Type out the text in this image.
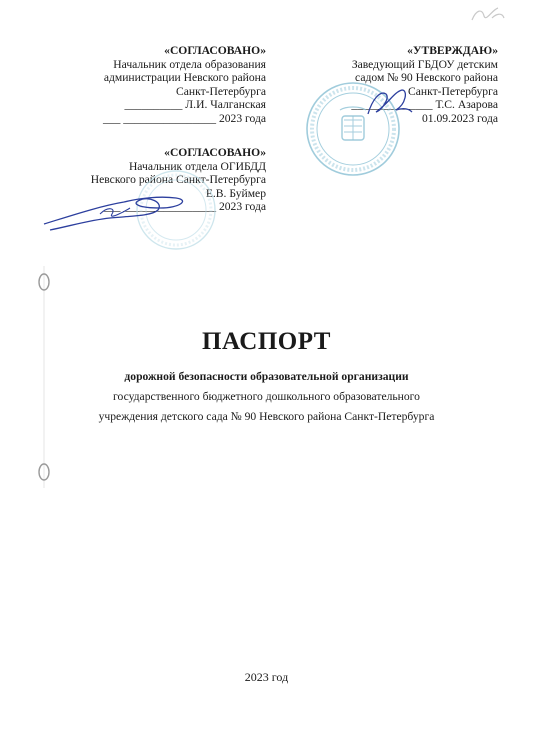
«СОГЛАСОВАНО»
Начальник отдела образования
администрации Невского района
Санкт-Петербурга
__________ Л.И. Чалганская
___ ________________ 2023 года
«УТВЕРЖДАЮ»
Заведующий ГБДОУ детским
садом № 90 Невского района
Санкт-Петербурга
______________ Т.С. Азарова
01.09.2023 года
«СОГЛАСОВАНО»
Начальник отдела ОГИБДД
Невского района Санкт-Петербурга
Е.В. Буймер
___ ________________ 2023 года
ПАСПОРТ
дорожной безопасности образовательной организации
государственного бюджетного дошкольного образовательного
учреждения детского сада № 90 Невского района Санкт-Петербурга
2023 год
